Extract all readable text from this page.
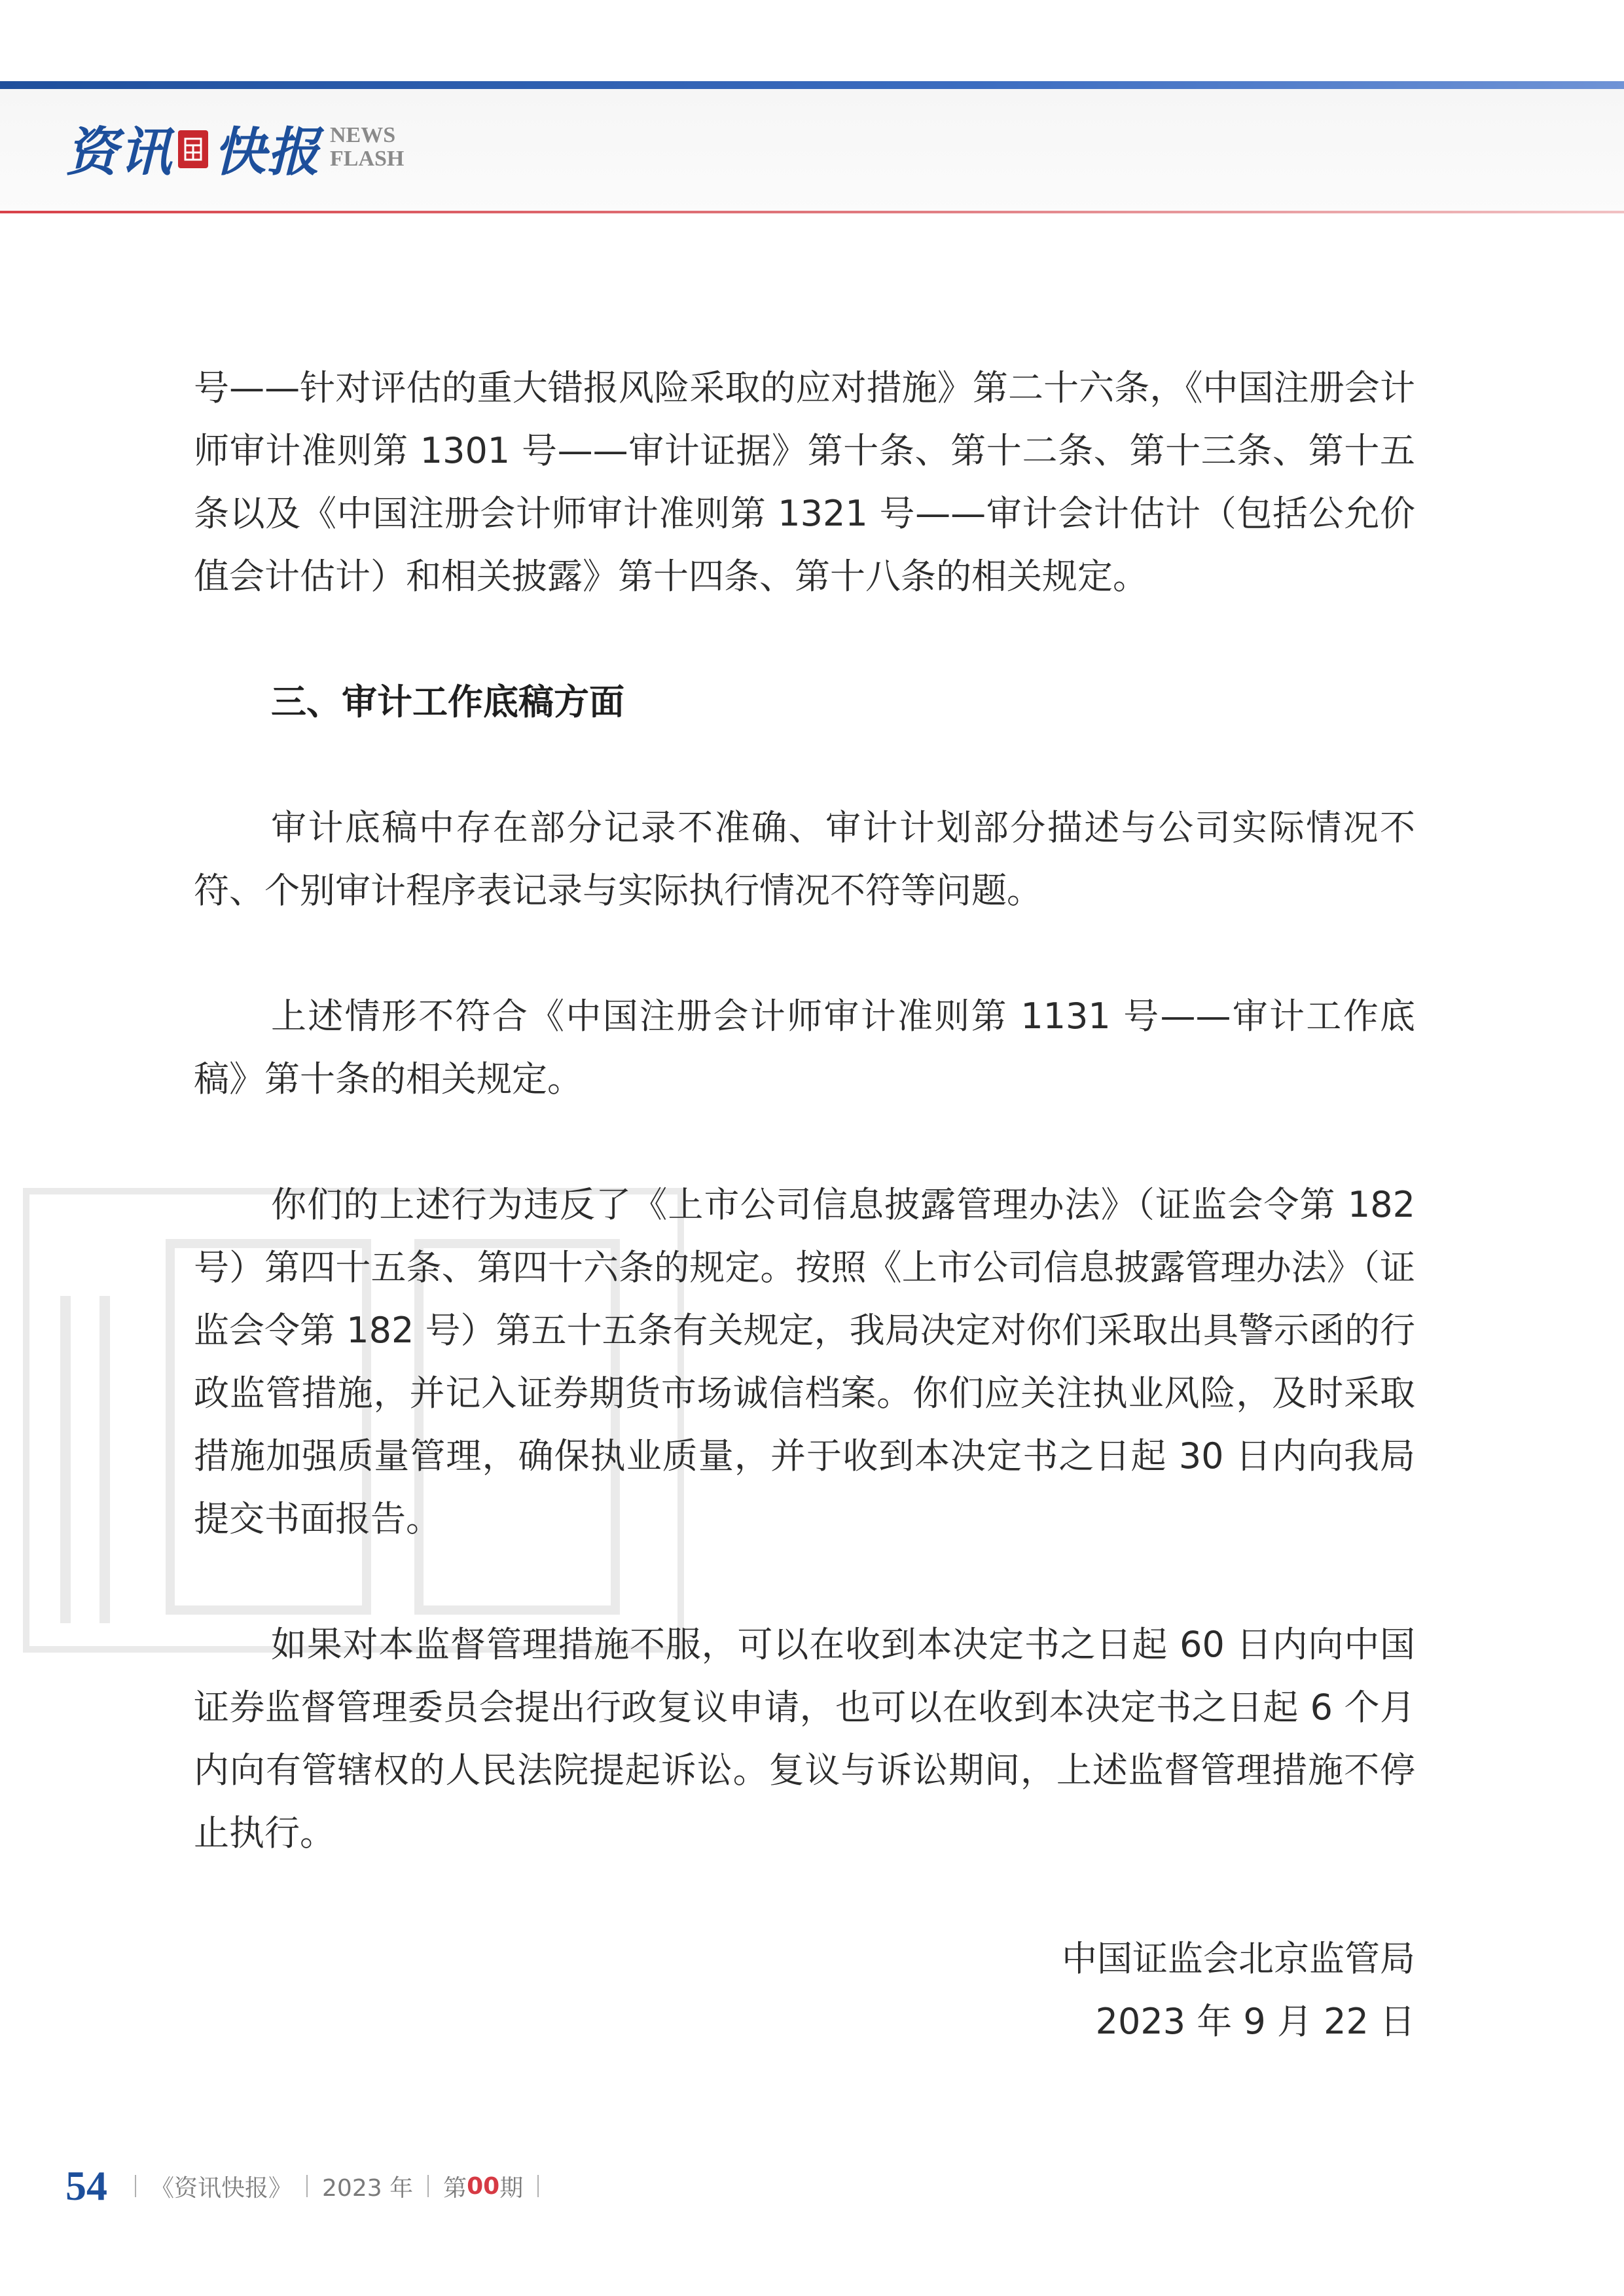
资讯 快报 NEWS
FLASH

号——针对评估的重大错报风险采取的应对措施》第二十六条，《中国注册会计师审计准则第 1301 号——审计证据》第十条、第十二条、第十三条、第十五条以及《中国注册会计师审计准则第 1321 号——审计会计估计（包括公允价值会计估计）和相关披露》第十四条、第十八条的相关规定。

三、审计工作底稿方面

审计底稿中存在部分记录不准确、审计计划部分描述与公司实际情况不符、个别审计程序表记录与实际执行情况不符等问题。

上述情形不符合《中国注册会计师审计准则第 1131 号——审计工作底稿》第十条的相关规定。

你们的上述行为违反了《上市公司信息披露管理办法》（证监会令第 182 号）第四十五条、第四十六条的规定。按照《上市公司信息披露管理办法》（证监会令第 182 号）第五十五条有关规定，我局决定对你们采取出具警示函的行政监管措施，并记入证券期货市场诚信档案。你们应关注执业风险，及时采取措施加强质量管理，确保执业质量，并于收到本决定书之日起 30 日内向我局提交书面报告。

如果对本监督管理措施不服，可以在收到本决定书之日起 60 日内向中国证券监督管理委员会提出行政复议申请，也可以在收到本决定书之日起 6 个月内向有管辖权的人民法院提起诉讼。复议与诉讼期间，上述监督管理措施不停止执行。

中国证监会北京监管局

2023 年 9 月 22 日

54 《资讯快报》 2023 年 第 00 期
